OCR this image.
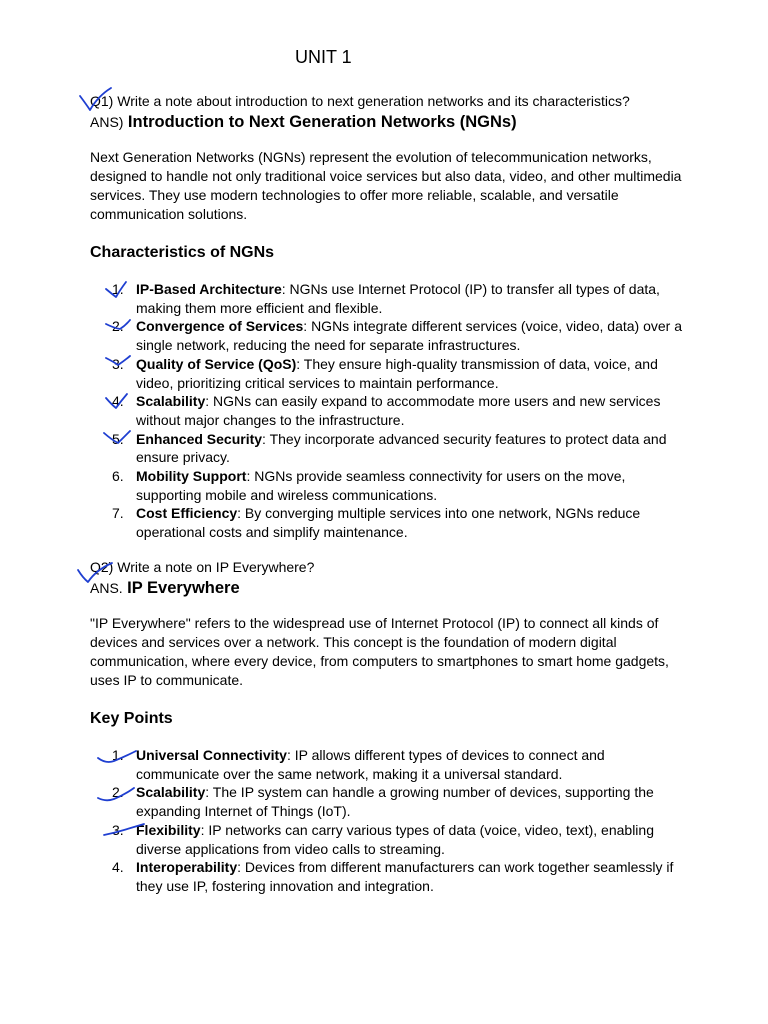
UNIT 1
Q1) Write a note about introduction to next generation networks and its characteristics?
ANS) Introduction to Next Generation Networks (NGNs)

Next Generation Networks (NGNs) represent the evolution of telecommunication networks, designed to handle not only traditional voice services but also data, video, and other multimedia services. They use modern technologies to offer more reliable, scalable, and versatile communication solutions.

Characteristics of NGNs
1. IP-Based Architecture: NGNs use Internet Protocol (IP) to transfer all types of data, making them more efficient and flexible.
2. Convergence of Services: NGNs integrate different services (voice, video, data) over a single network, reducing the need for separate infrastructures.
3. Quality of Service (QoS): They ensure high-quality transmission of data, voice, and video, prioritizing critical services to maintain performance.
4. Scalability: NGNs can easily expand to accommodate more users and new services without major changes to the infrastructure.
5. Enhanced Security: They incorporate advanced security features to protect data and ensure privacy.
6. Mobility Support: NGNs provide seamless connectivity for users on the move, supporting mobile and wireless communications.
7. Cost Efficiency: By converging multiple services into one network, NGNs reduce operational costs and simplify maintenance.
Q2) Write a note on IP Everywhere?
ANS. IP Everywhere

"IP Everywhere" refers to the widespread use of Internet Protocol (IP) to connect all kinds of devices and services over a network. This concept is the foundation of modern digital communication, where every device, from computers to smartphones to smart home gadgets, uses IP to communicate.

Key Points
1. Universal Connectivity: IP allows different types of devices to connect and communicate over the same network, making it a universal standard.
2. Scalability: The IP system can handle a growing number of devices, supporting the expanding Internet of Things (IoT).
3. Flexibility: IP networks can carry various types of data (voice, video, text), enabling diverse applications from video calls to streaming.
4. Interoperability: Devices from different manufacturers can work together seamlessly if they use IP, fostering innovation and integration.
